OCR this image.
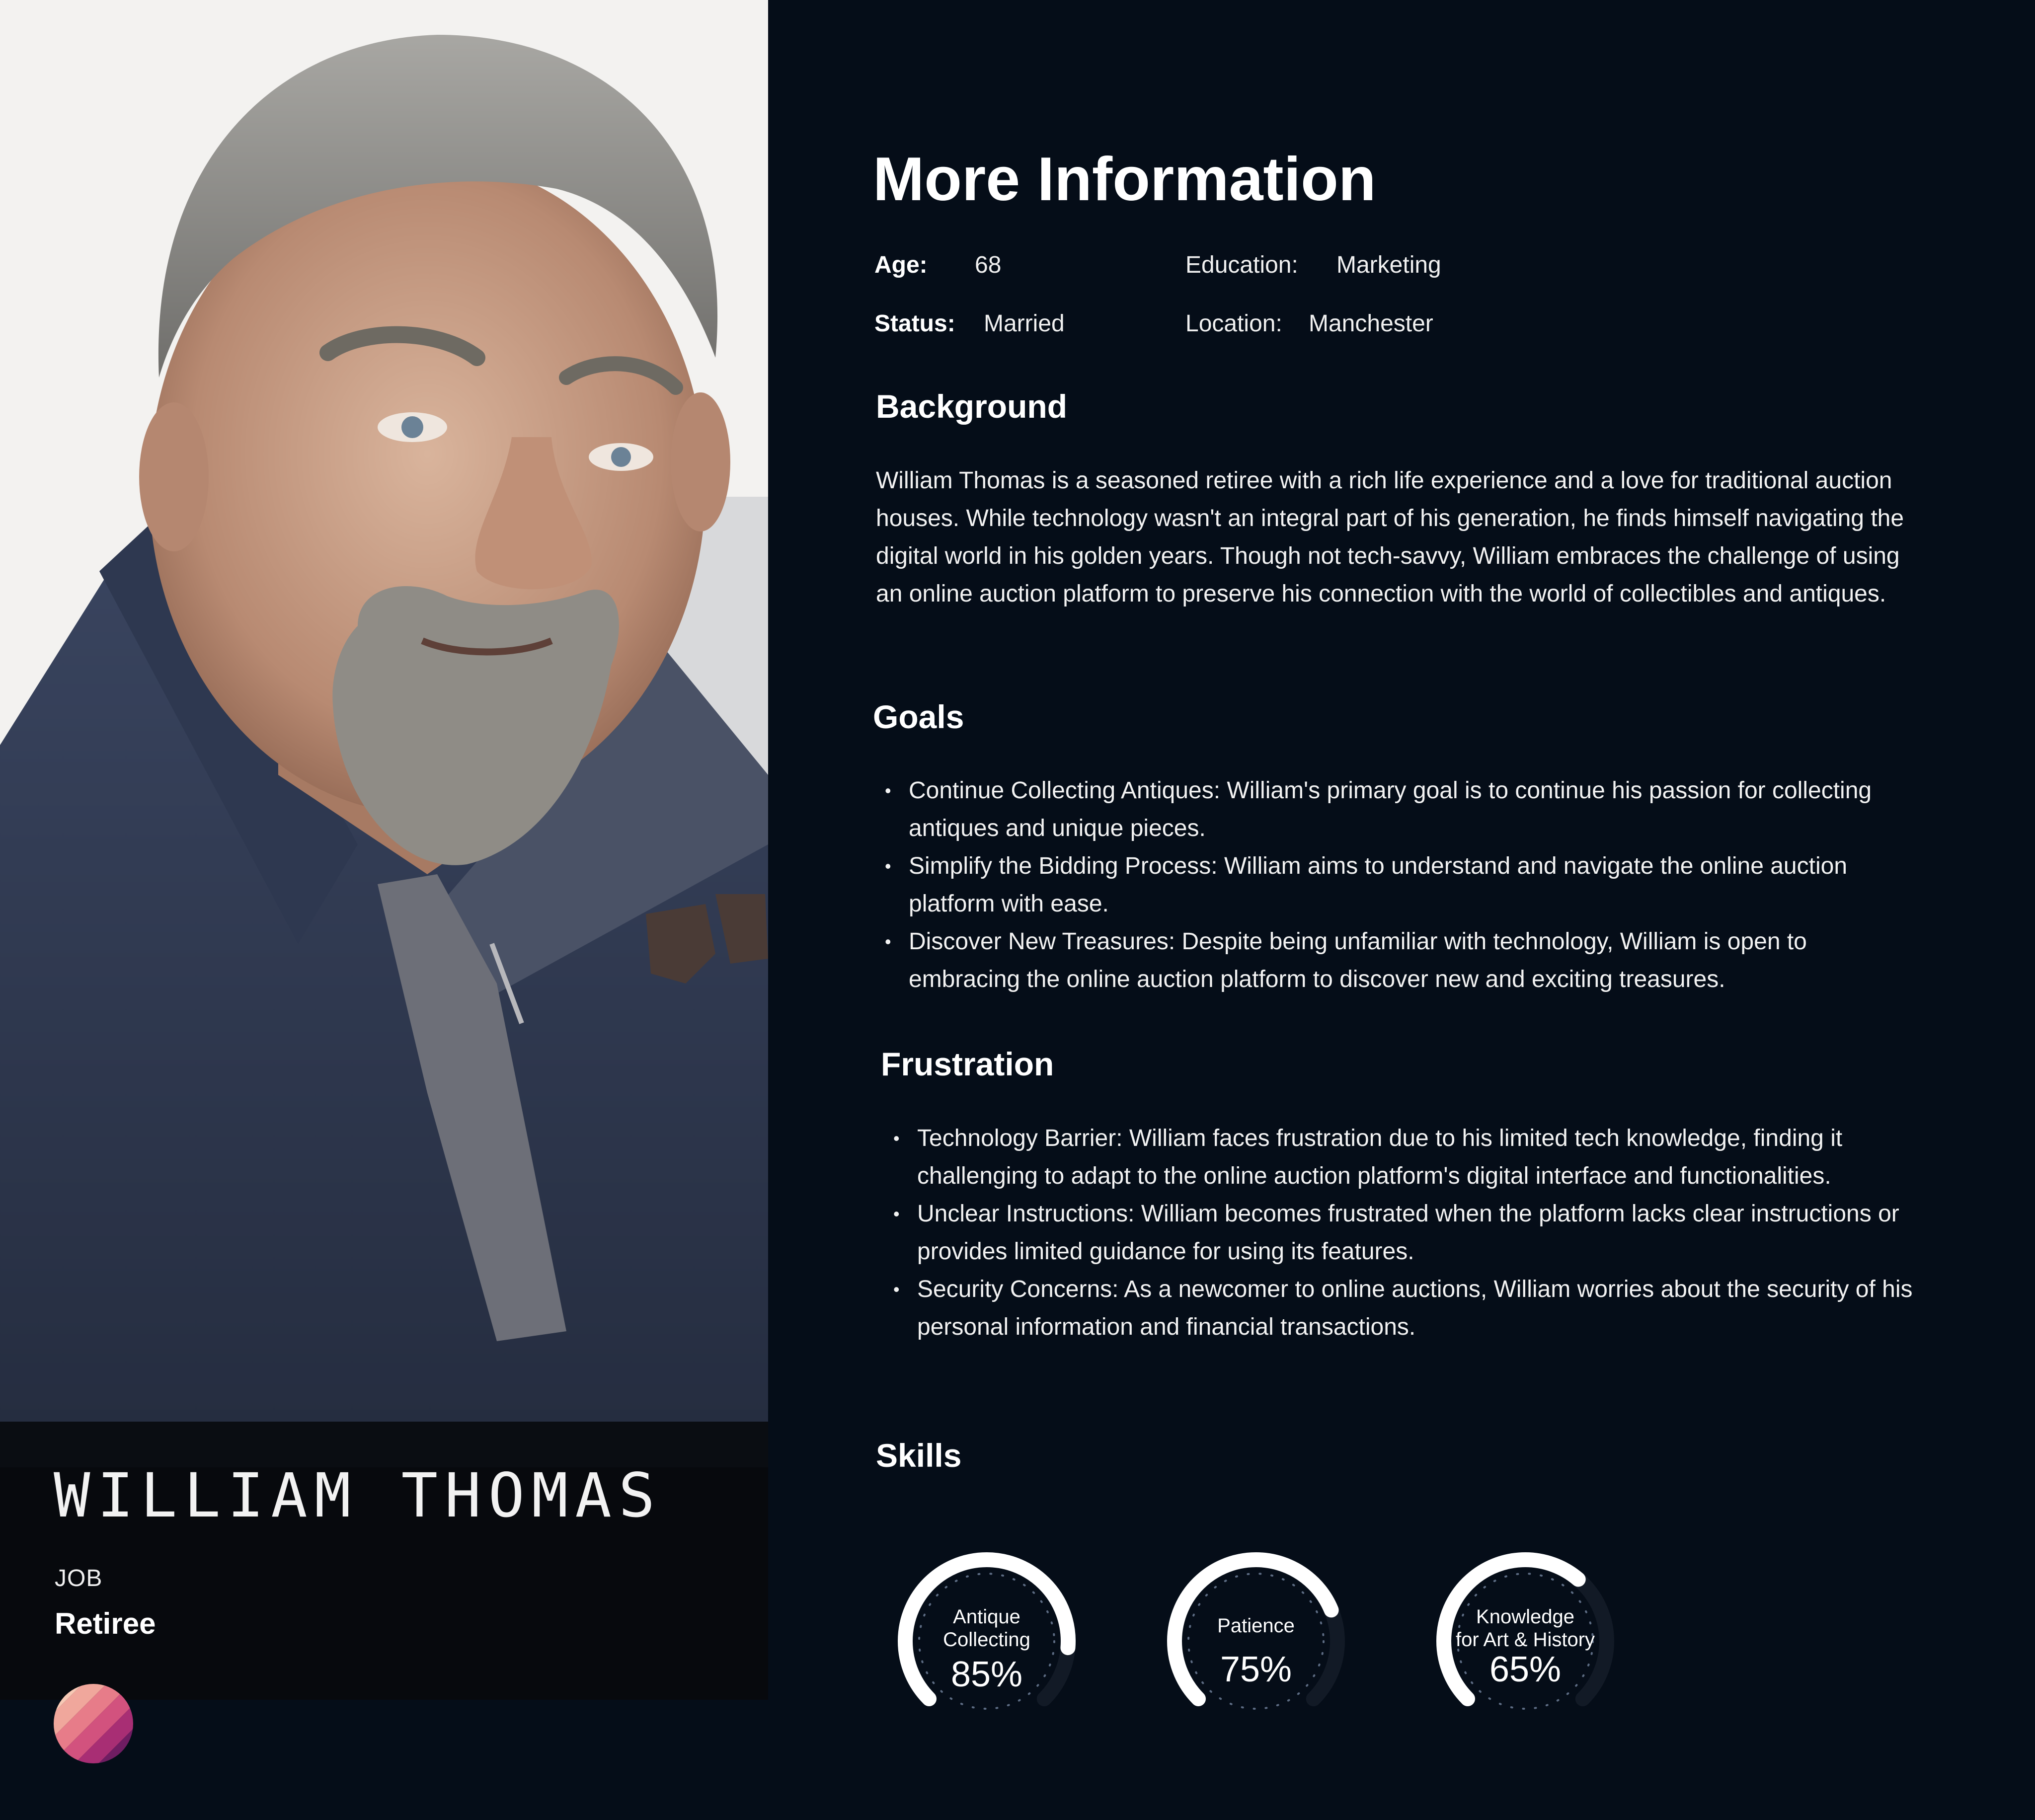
WILLIAM THOMAS
JOB
Retiree
More Information
Age: 68	Education: Marketing
Status: Married	Location: Manchester
Background

William Thomas is a seasoned retiree with a rich life experience and a love for traditional auction houses. While technology wasn't an integral part of his generation, he finds himself navigating the digital world in his golden years. Though not tech-savvy, William embraces the challenge of using an online auction platform to preserve his connection with the world of collectibles and antiques.

Goals
• Continue Collecting Antiques: William's primary goal is to continue his passion for collecting antiques and unique pieces.
• Simplify the Bidding Process: William aims to understand and navigate the online auction platform with ease.
• Discover New Treasures: Despite being unfamiliar with technology, William is open to embracing the online auction platform to discover new and exciting treasures.
Frustration
• Technology Barrier: William faces frustration due to his limited tech knowledge, finding it challenging to adapt to the online auction platform's digital interface and functionalities.
• Unclear Instructions: William becomes frustrated when the platform lacks clear instructions or provides limited guidance for using its features.
• Security Concerns: As a newcomer to online auctions, William worries about the security of his personal information and financial transactions.
Skills
Antique
Collecting
85%
Patience
75%
Knowledge
for Art & History
65%
